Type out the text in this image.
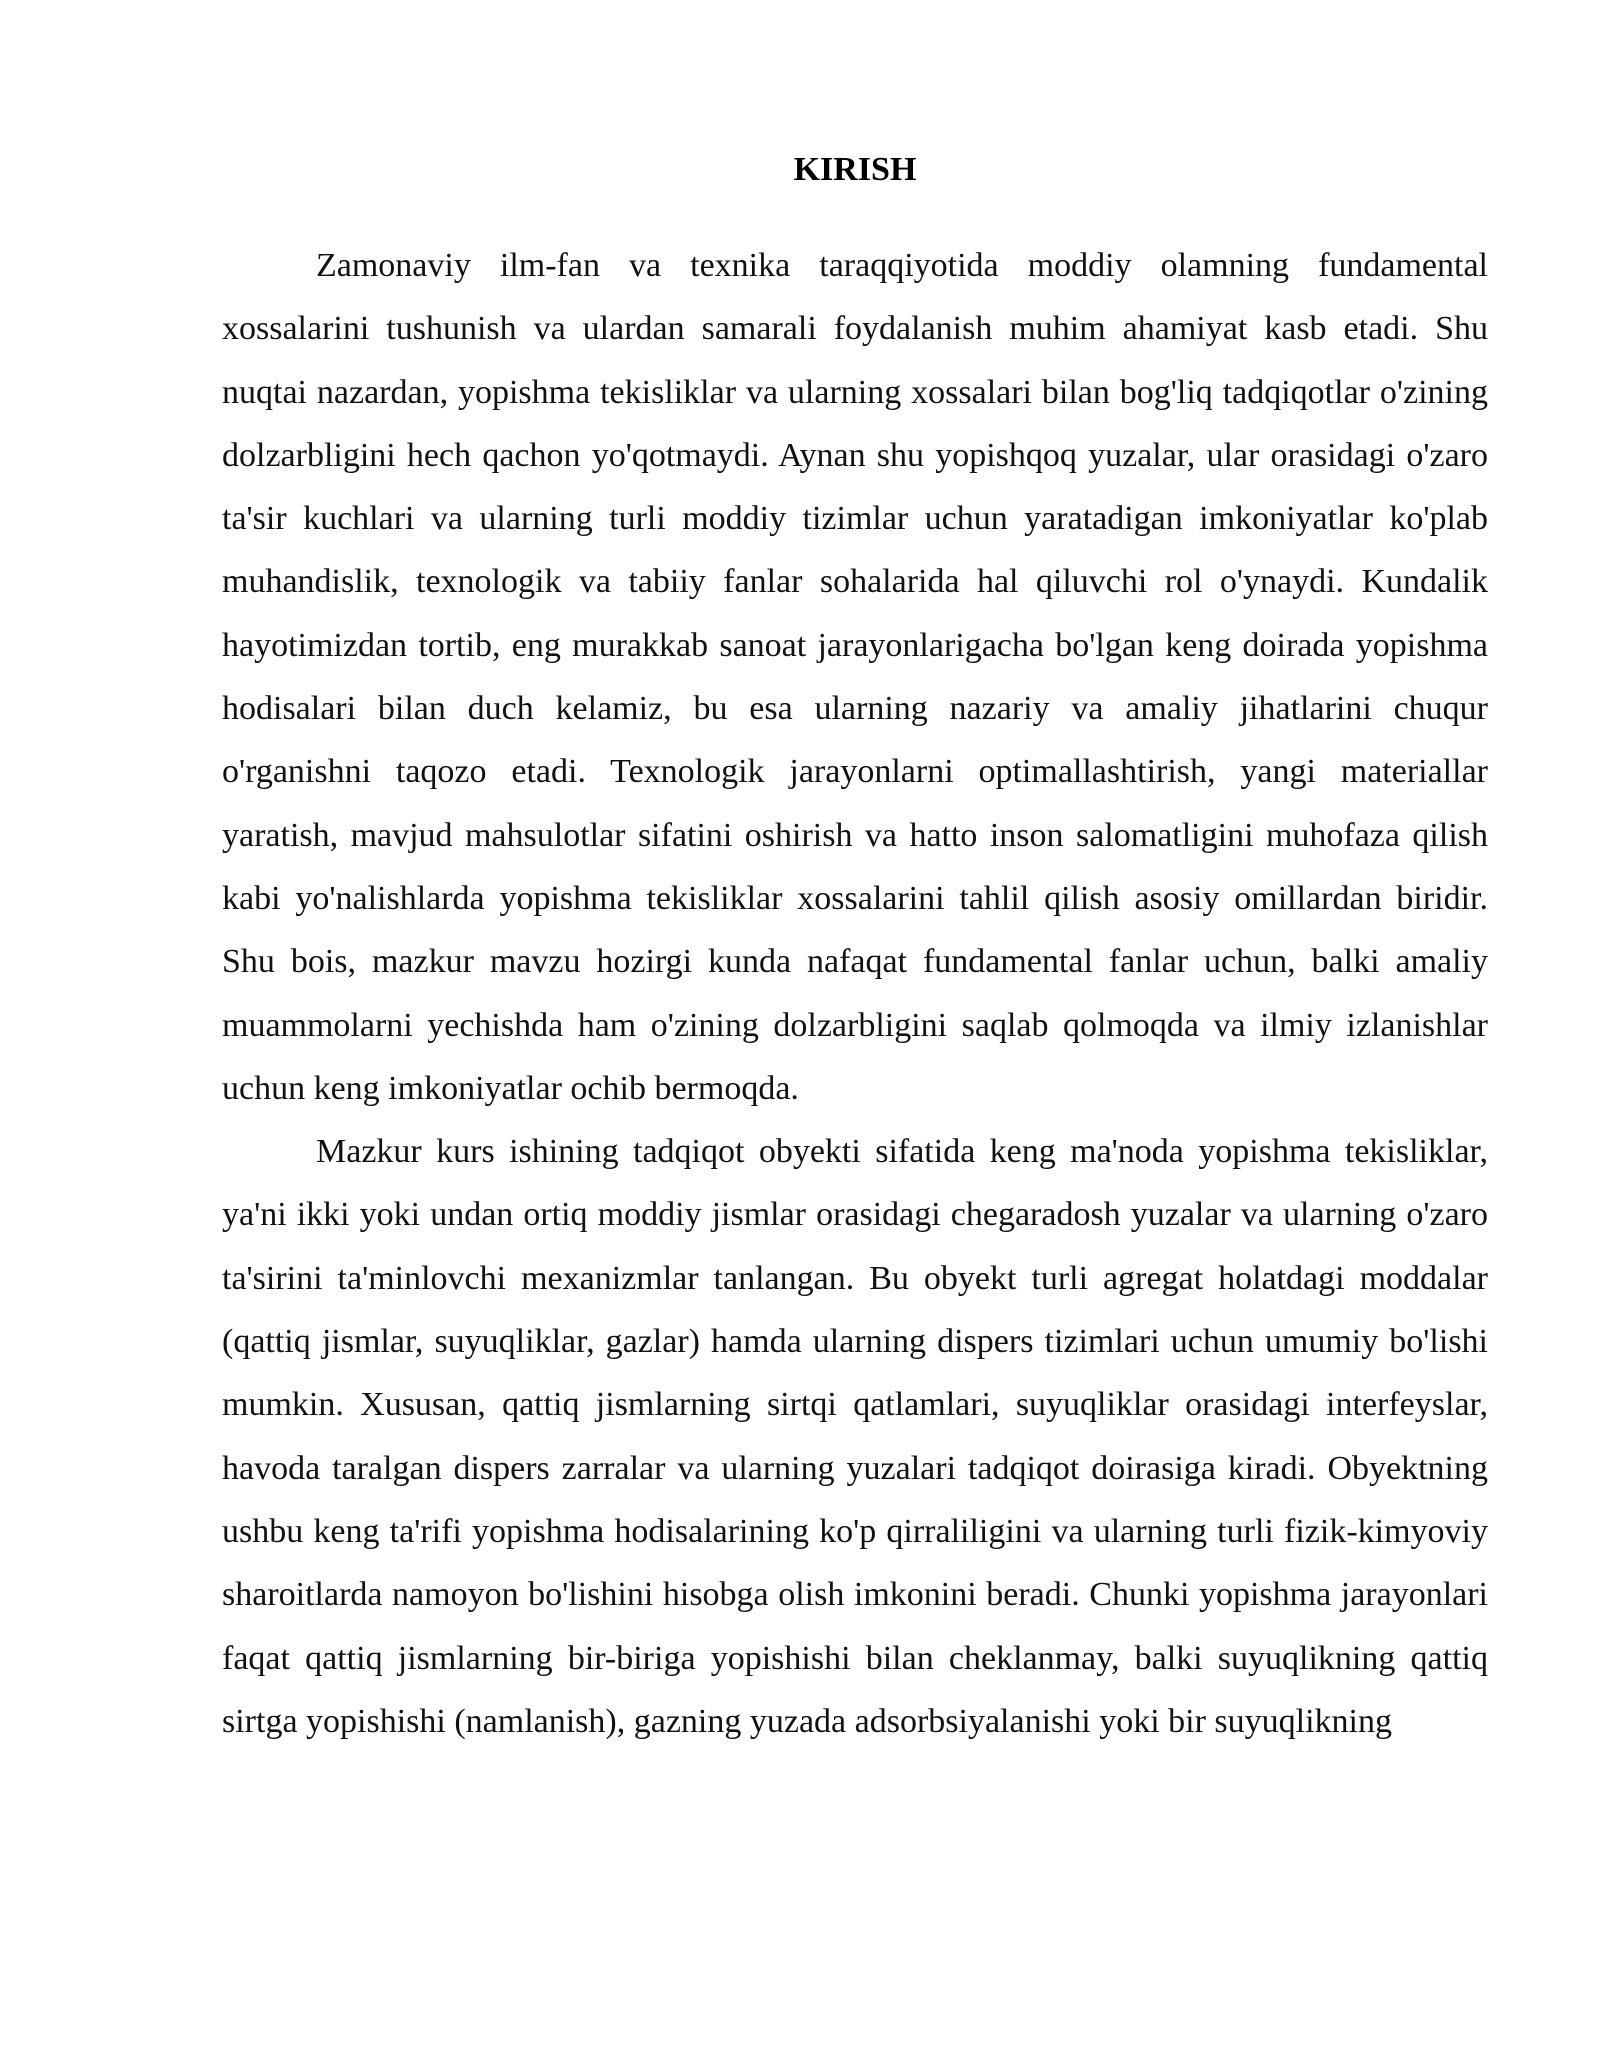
KIRISH

Zamonaviy ilm-fan va texnika taraqqiyotida moddiy olamning fundamental xossalarini tushunish va ulardan samarali foydalanish muhim ahamiyat kasb etadi. Shu nuqtai nazardan, yopishma tekisliklar va ularning xossalari bilan bog'liq tadqiqotlar o'zining dolzarbligini hech qachon yo'qotmaydi. Aynan shu yopishqoq yuzalar, ular orasidagi o'zaro ta'sir kuchlari va ularning turli moddiy tizimlar uchun yaratadigan imkoniyatlar ko'plab muhandislik, texnologik va tabiiy fanlar sohalarida hal qiluvchi rol o'ynaydi. Kundalik hayotimizdan tortib, eng murakkab sanoat jarayonlarigacha bo'lgan keng doirada yopishma hodisalari bilan duch kelamiz, bu esa ularning nazariy va amaliy jihatlarini chuqur o'rganishni taqozo etadi. Texnologik jarayonlarni optimallashtirish, yangi materiallar yaratish, mavjud mahsulotlar sifatini oshirish va hatto inson salomatligini muhofaza qilish kabi yo'nalishlarda yopishma tekisliklar xossalarini tahlil qilish asosiy omillardan biridir. Shu bois, mazkur mavzu hozirgi kunda nafaqat fundamental fanlar uchun, balki amaliy muammolarni yechishda ham o'zining dolzarbligini saqlab qolmoqda va ilmiy izlanishlar uchun keng imkoniyatlar ochib bermoqda.

Mazkur kurs ishining tadqiqot obyekti sifatida keng ma'noda yopishma tekisliklar, ya'ni ikki yoki undan ortiq moddiy jismlar orasidagi chegaradosh yuzalar va ularning o'zaro ta'sirini ta'minlovchi mexanizmlar tanlangan. Bu obyekt turli agregat holatdagi moddalar (qattiq jismlar, suyuqliklar, gazlar) hamda ularning dispers tizimlari uchun umumiy bo'lishi mumkin. Xususan, qattiq jismlarning sirtqi qatlamlari, suyuqliklar orasidagi interfeyslar, havoda taralgan dispers zarralar va ularning yuzalari tadqiqot doirasiga kiradi. Obyektning ushbu keng ta'rifi yopishma hodisalarining ko'p qirraliligini va ularning turli fizik-kimyoviy sharoitlarda namoyon bo'lishini hisobga olish imkonini beradi. Chunki yopishma jarayonlari faqat qattiq jismlarning bir-biriga yopishishi bilan cheklanmay, balki suyuqlikning qattiq sirtga yopishishi (namlanish), gazning yuzada adsorbsiyalanishi yoki bir suyuqlikning
